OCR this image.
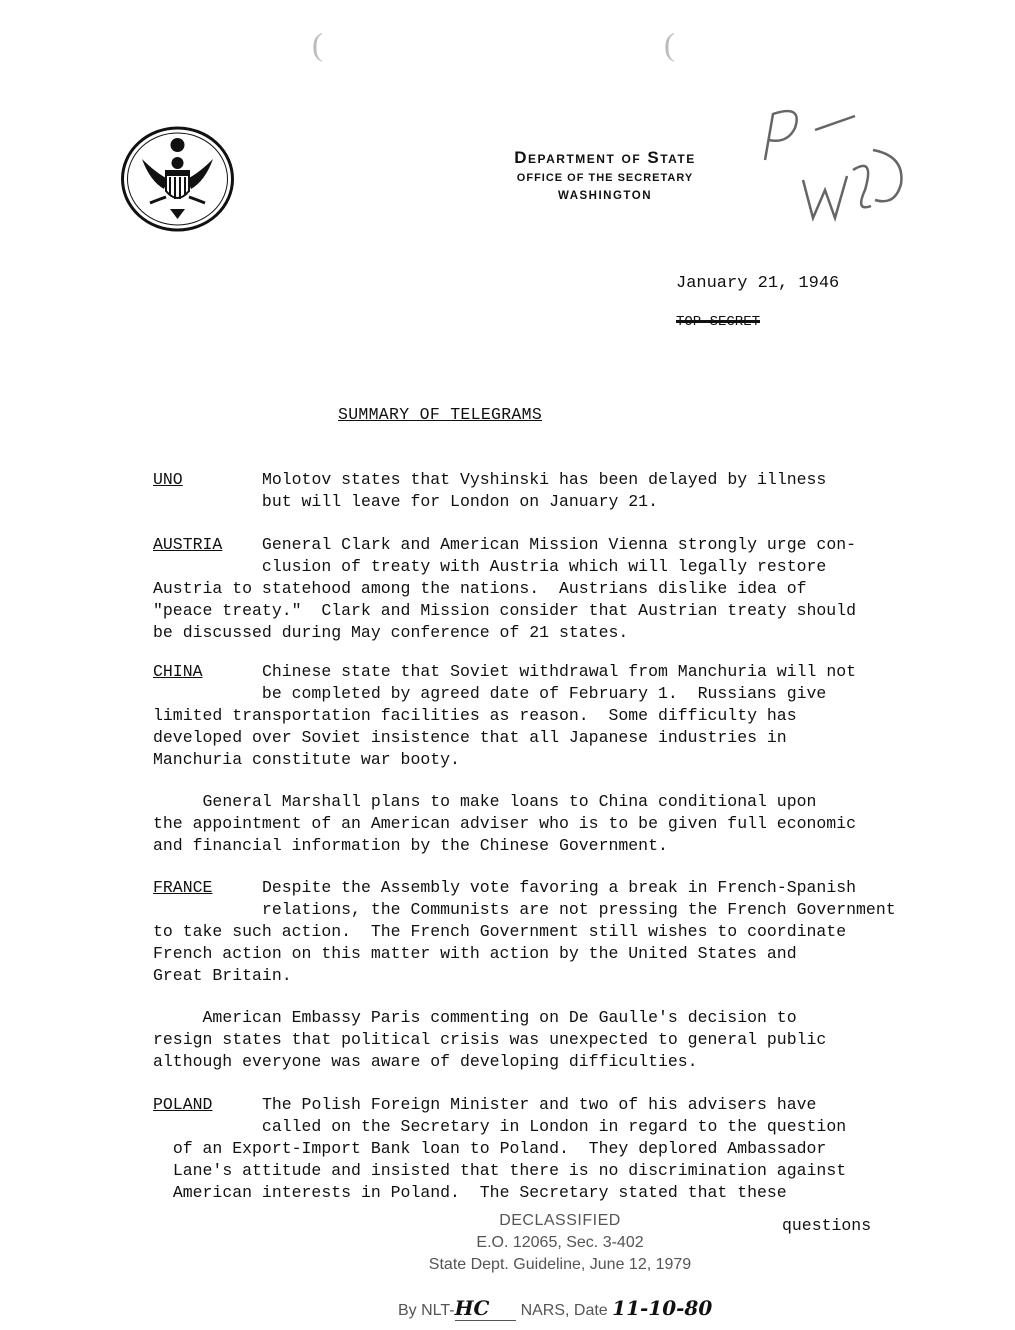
(	(
Department of State
OFFICE OF THE SECRETARY
WASHINGTON
January 21, 1946
TOP SECRET
SUMMARY OF TELEGRAMS
UNO	Molotov states that Vyshinski has been delayed by illness
but will leave for London on January 21.
AUSTRIA General Clark and American Mission Vienna strongly urge con-
clusion of treaty with Austria which will legally restore
Austria to statehood among the nations.  Austrians dislike idea of
"peace treaty."  Clark and Mission consider that Austrian treaty should
be discussed during May conference of 21 states.
CHINA	Chinese state that Soviet withdrawal from Manchuria will not
be completed by agreed date of February 1.  Russians give
limited transportation facilities as reason.  Some difficulty has
developed over Soviet insistence that all Japanese industries in
Manchuria constitute war booty.
General Marshall plans to make loans to China conditional upon
the appointment of an American adviser who is to be given full economic
and financial information by the Chinese Government.
FRANCE	Despite the Assembly vote favoring a break in French-Spanish
relations, the Communists are not pressing the French Government
to take such action.  The French Government still wishes to coordinate
French action on this matter with action by the United States and
Great Britain.
American Embassy Paris commenting on De Gaulle's decision to
resign states that political crisis was unexpected to general public
although everyone was aware of developing difficulties.
POLAND	The Polish Foreign Minister and two of his advisers have
called on the Secretary in London in regard to the question
of an Export-Import Bank loan to Poland.  They deplored Ambassador
Lane's attitude and insisted that there is no discrimination against
American interests in Poland.  The Secretary stated that these
questions
DECLASSIFIED
E.O. 12065, Sec. 3-402
State Dept. Guideline, June 12, 1979
By NLT-HC NARS, Date 11-10-80
